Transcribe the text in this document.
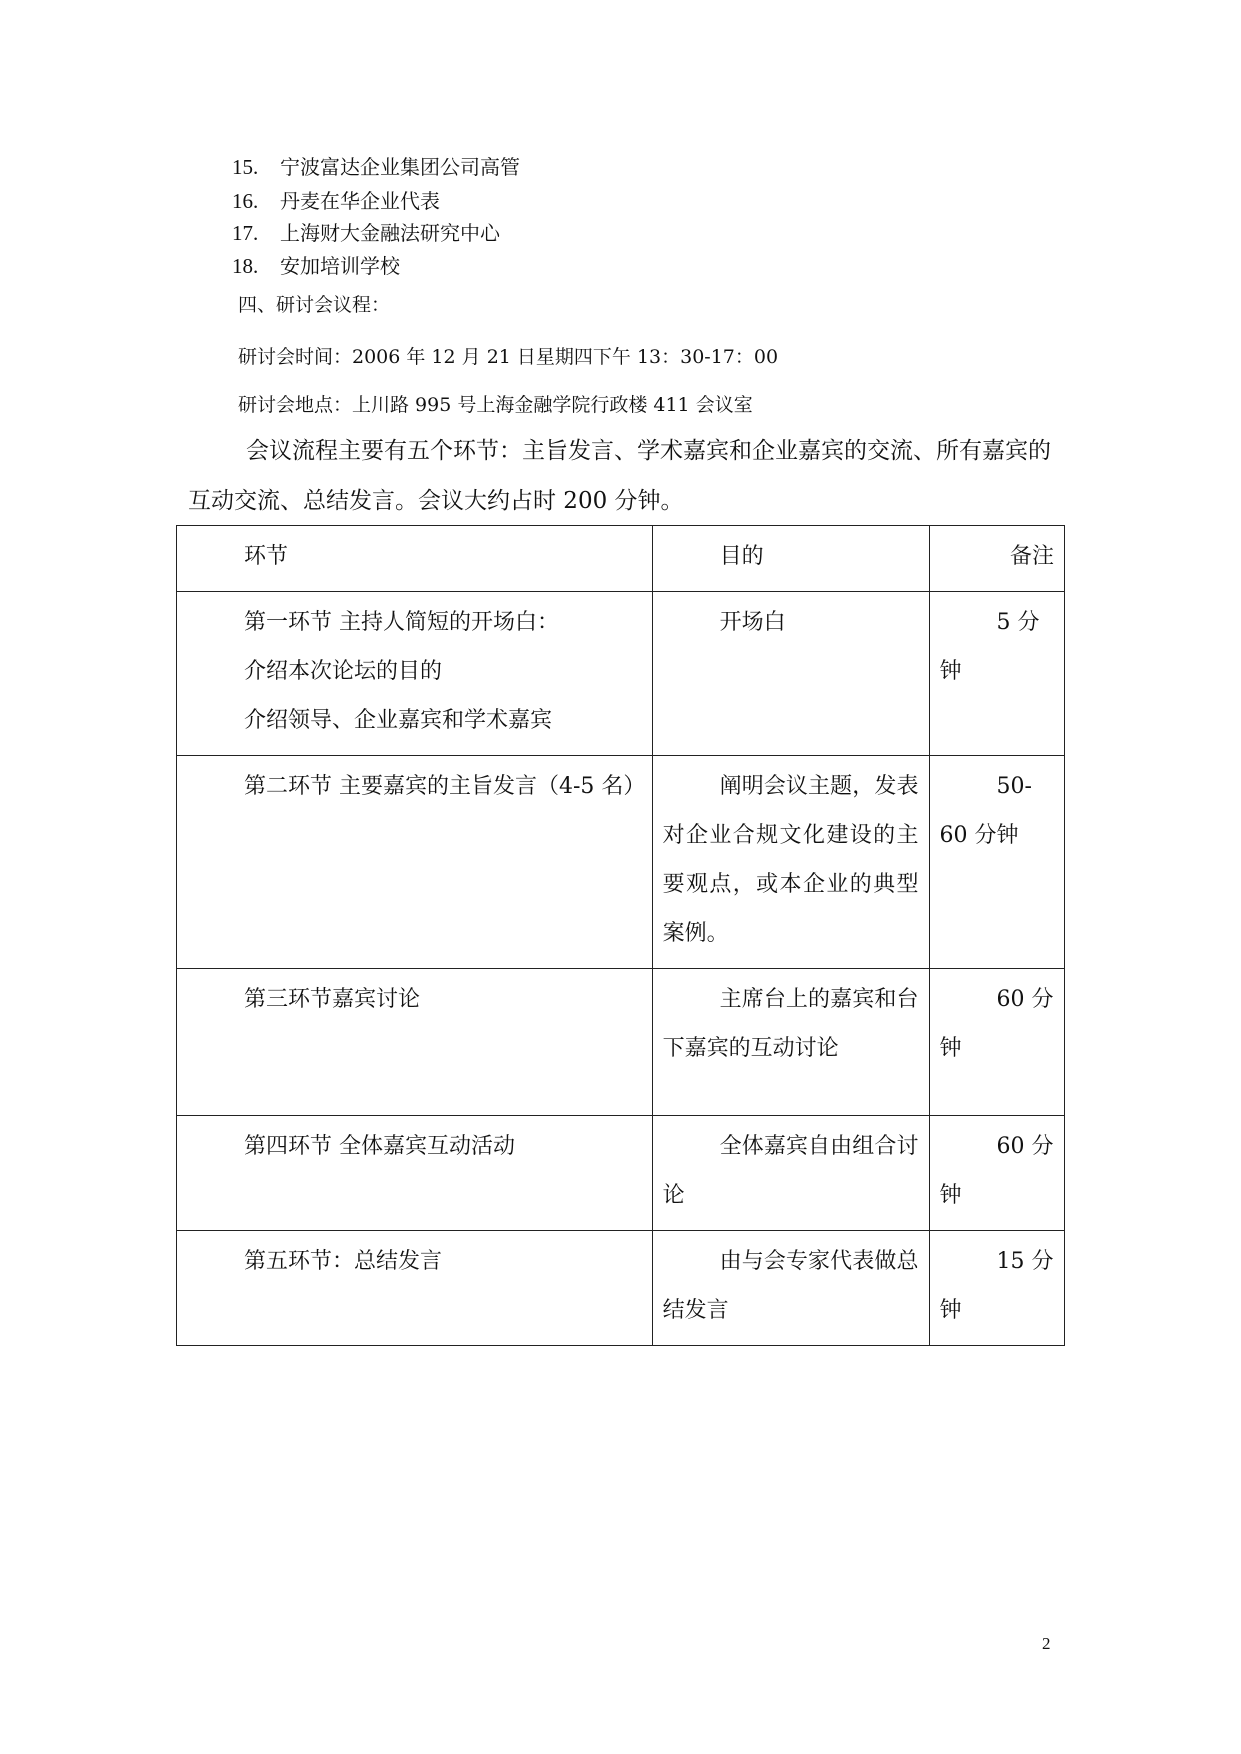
15. 宁波富达企业集团公司高管
16. 丹麦在华企业代表
17. 上海财大金融法研究中心
18. 安加培训学校
四、研讨会议程：
研讨会时间：2006 年 12 月 21 日星期四下午 13：30-17：00
研讨会地点：上川路 995 号上海金融学院行政楼 411 会议室
会议流程主要有五个环节：主旨发言、学术嘉宾和企业嘉宾的交流、所有嘉宾的互动交流、总结发言。会议大约占时 200 分钟。
环节	目的	备注

第一环节 主持人简短的开场白：
介绍本次论坛的目的
介绍领导、企业嘉宾和学术嘉宾	开场白	5 分钟
第二环节 主要嘉宾的主旨发言（4-5 名）	阐明会议主题，发表对企业合规文化建设的主要观点，或本企业的典型案例。	50-60 分钟
第三环节嘉宾讨论	主席台上的嘉宾和台下嘉宾的互动讨论	60 分钟
第四环节 全体嘉宾互动活动	全体嘉宾自由组合讨论	60 分钟
第五环节：总结发言	由与会专家代表做总结发言	15 分钟
2
